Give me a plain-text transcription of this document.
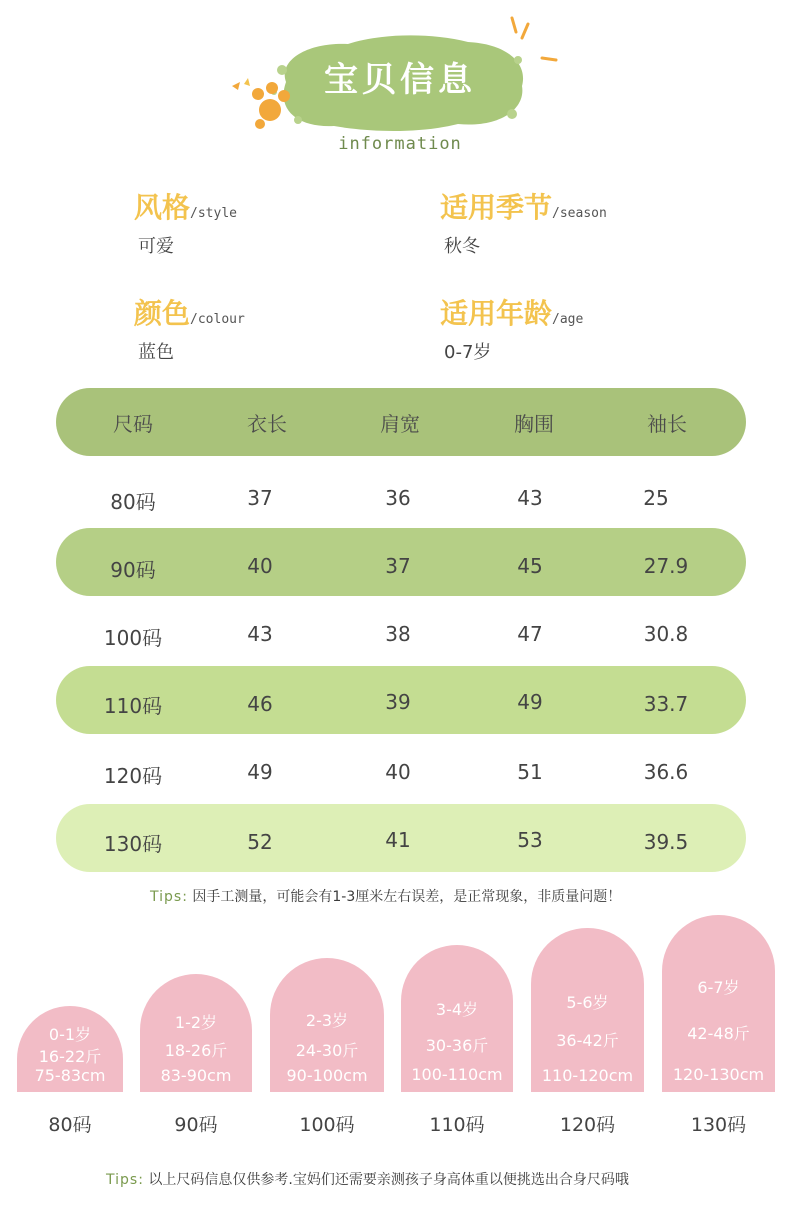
宝贝信息
information
风格/style
可爱
适用季节/season
秋冬
颜色/colour
蓝色
适用年龄/age
0-7岁
尺码	衣长	肩宽	胸围	袖长
80码	37	36	43	25
90码	40	37	45	27.9
100码	43	38	47	30.8
110码	46	39	49	33.7
120码	49	40	51	36.6
130码	52	41	53	39.5
Tips: 因手工测量，可能会有1-3厘米左右误差，是正常现象，非质量问题！
0-1岁
16-22斤
75-83cm
80码
1-2岁
18-26斤
83-90cm
90码
2-3岁
24-30斤
90-100cm
100码
3-4岁
30-36斤
100-110cm
110码
5-6岁
36-42斤
110-120cm
120码
6-7岁
42-48斤
120-130cm
130码
Tips: 以上尺码信息仅供参考.宝妈们还需要亲测孩子身高体重以便挑选出合身尺码哦
